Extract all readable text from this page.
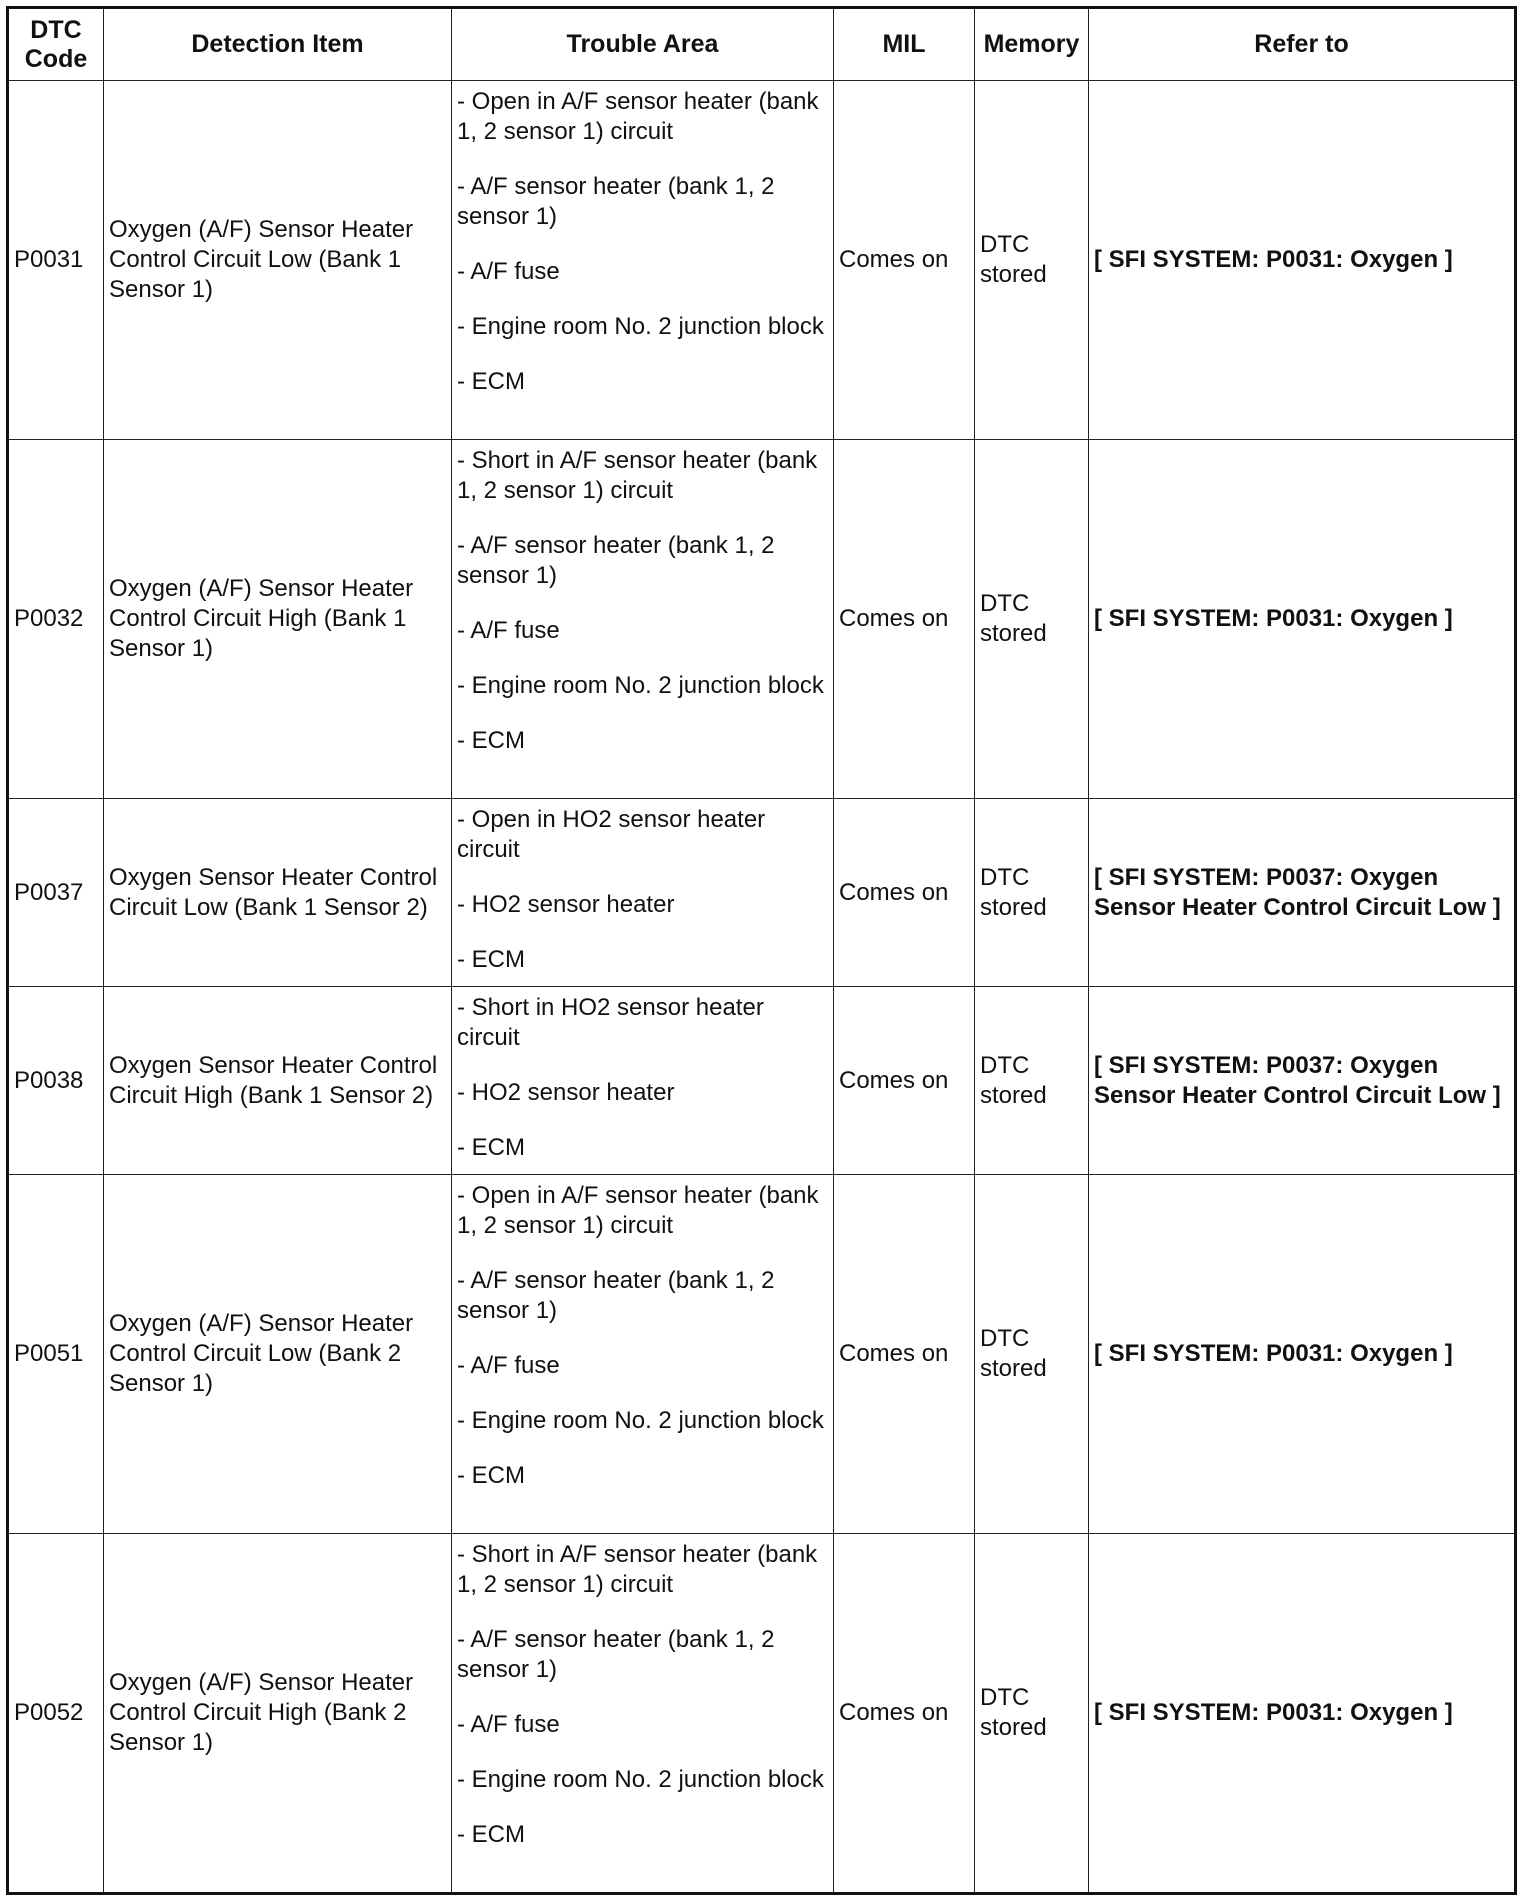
DTC Code	Detection Item	Trouble Area	MIL	Memory	Refer to
P0031	Oxygen (A/F) Sensor Heater Control Circuit Low (Bank 1 Sensor 1)	- Open in A/F sensor heater (bank 1, 2 sensor 1) circuit
- A/F sensor heater (bank 1, 2 sensor 1)
- A/F fuse
- Engine room No. 2 junction block
- ECM	Comes on	DTC stored	[ SFI SYSTEM: P0031: Oxygen ]
P0032	Oxygen (A/F) Sensor Heater Control Circuit High (Bank 1 Sensor 1)	- Short in A/F sensor heater (bank 1, 2 sensor 1) circuit
- A/F sensor heater (bank 1, 2 sensor 1)
- A/F fuse
- Engine room No. 2 junction block
- ECM	Comes on	DTC stored	[ SFI SYSTEM: P0031: Oxygen ]
P0037	Oxygen Sensor Heater Control Circuit Low (Bank 1 Sensor 2)	- Open in HO2 sensor heater circuit
- HO2 sensor heater
- ECM	Comes on	DTC stored	[ SFI SYSTEM: P0037: Oxygen Sensor Heater Control Circuit Low ]
P0038	Oxygen Sensor Heater Control Circuit High (Bank 1 Sensor 2)	- Short in HO2 sensor heater circuit
- HO2 sensor heater
- ECM	Comes on	DTC stored	[ SFI SYSTEM: P0037: Oxygen Sensor Heater Control Circuit Low ]
P0051	Oxygen (A/F) Sensor Heater Control Circuit Low (Bank 2 Sensor 1)	- Open in A/F sensor heater (bank 1, 2 sensor 1) circuit
- A/F sensor heater (bank 1, 2 sensor 1)
- A/F fuse
- Engine room No. 2 junction block
- ECM	Comes on	DTC stored	[ SFI SYSTEM: P0031: Oxygen ]
P0052	Oxygen (A/F) Sensor Heater Control Circuit High (Bank 2 Sensor 1)	- Short in A/F sensor heater (bank 1, 2 sensor 1) circuit
- A/F sensor heater (bank 1, 2 sensor 1)
- A/F fuse
- Engine room No. 2 junction block
- ECM	Comes on	DTC stored	[ SFI SYSTEM: P0031: Oxygen ]
